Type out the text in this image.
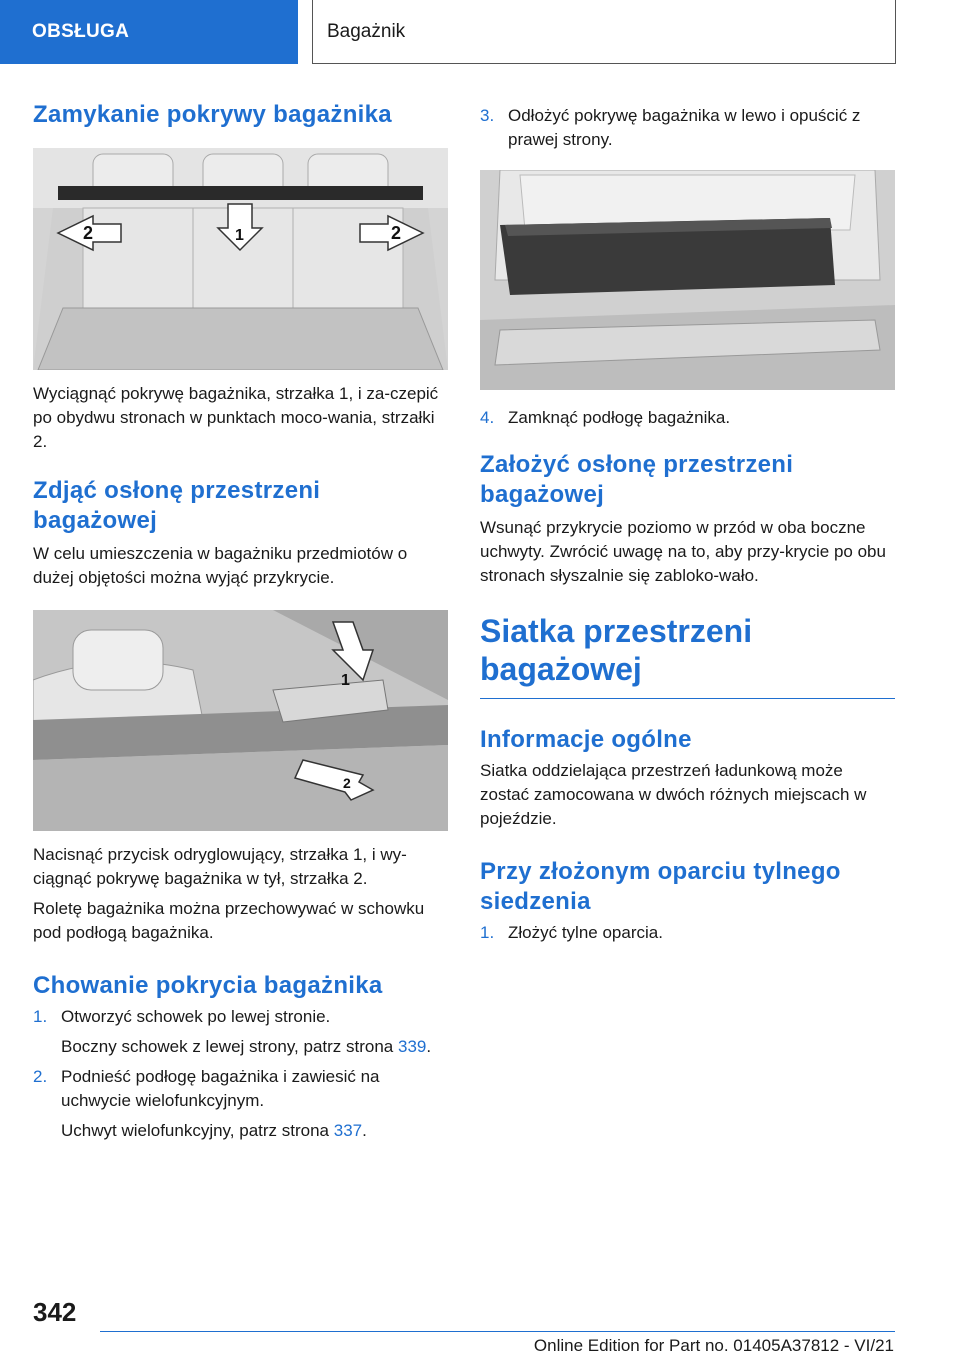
OBSŁUGA	Bagażnik
Zamykanie pokrywy bagażnika
2	2
1

Wyciągnąć pokrywę bagażnika, strzałka 1, i za-czepić po obydwu stronach w punktach moco-wania, strzałki 2.

Zdjąć osłonę przestrzeni bagażowej

W celu umieszczenia w bagażniku przedmiotów o dużej objętości można wyjąć przykrycie.

1
2

Nacisnąć przycisk odryglowujący, strzałka 1, i wy-ciągnąć pokrywę bagażnika w tył, strzałka 2.

Roletę bagażnika można przechowywać w schowku pod podłogą bagażnika.

Chowanie pokrycia bagażnika
1. Otworzyć schowek po lewej stronie.

Boczny schowek z lewej strony, patrz strona 339.

2. Podnieść podłogę bagażnika i zawiesić na uchwycie wielofunkcyjnym.

Uchwyt wielofunkcyjny, patrz strona 337.

3. Odłożyć pokrywę bagażnika w lewo i opuścić z prawej strony.
4. Zamknąć podłogę bagażnika.
Założyć osłonę przestrzeni bagażowej

Wsunąć przykrycie poziomo w przód w oba boczne uchwyty. Zwrócić uwagę na to, aby przy-krycie po obu stronach słyszalnie się zabloko-wało.

Siatka przestrzeni bagażowej
Informacje ogólne

Siatka oddzielająca przestrzeń ładunkową może zostać zamocowana w dwóch różnych miejscach w pojeździe.

Przy złożonym oparciu tylnego siedzenia
1. Złożyć tylne oparcia.
342
Online Edition for Part no. 01405A37812 - VI/21
